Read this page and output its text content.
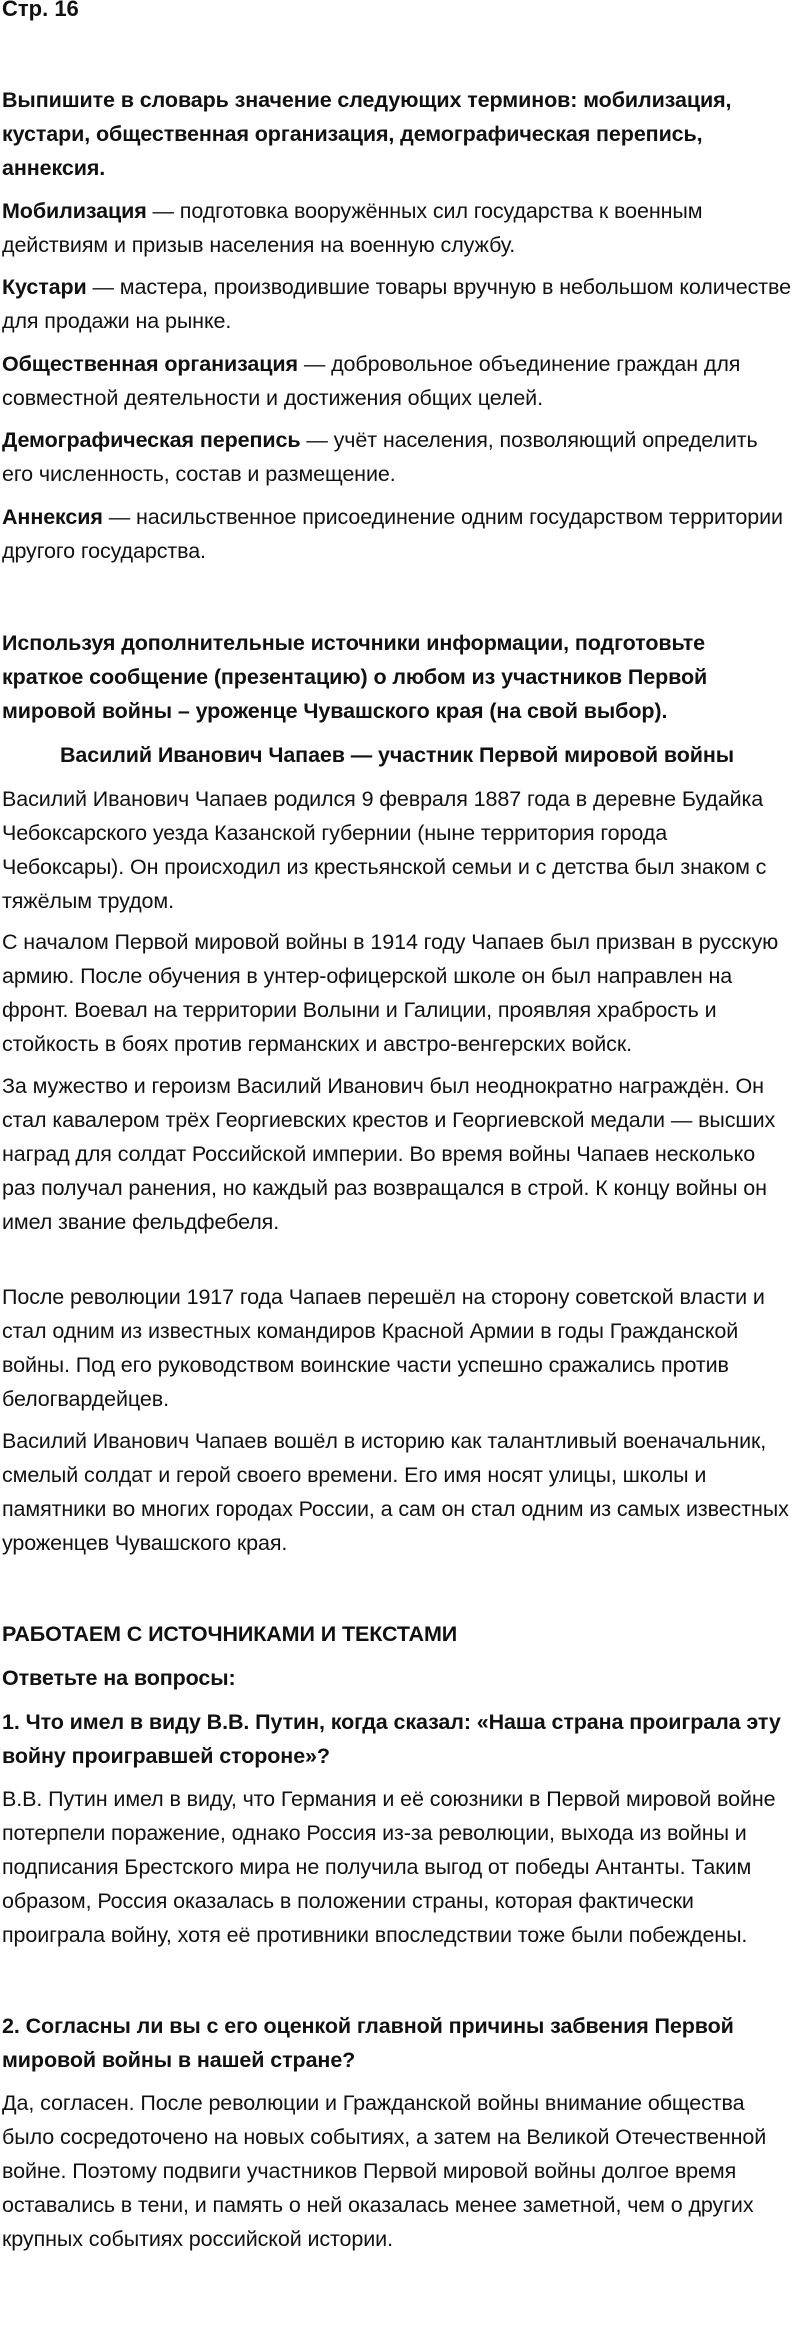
Стр. 16

Выпишите в словарь значение следующих терминов: мобилизация, кустари, общественная организация, демографическая перепись, аннексия.

Мобилизация — подготовка вооружённых сил государства к военным действиям и призыв населения на военную службу.

Кустари — мастера, производившие товары вручную в небольшом количестве для продажи на рынке.

Общественная организация — добровольное объединение граждан для совместной деятельности и достижения общих целей.

Демографическая перепись — учёт населения, позволяющий определить его численность, состав и размещение.

Аннексия — насильственное присоединение одним государством территории другого государства.

Используя дополнительные источники информации, подготовьте краткое сообщение (презентацию) о любом из участников Первой мировой войны – уроженце Чувашского края (на свой выбор).

Василий Иванович Чапаев — участник Первой мировой войны

Василий Иванович Чапаев родился 9 февраля 1887 года в деревне Будайка Чебоксарского уезда Казанской губернии (ныне территория города Чебоксары). Он происходил из крестьянской семьи и с детства был знаком с тяжёлым трудом.

С началом Первой мировой войны в 1914 году Чапаев был призван в русскую армию. После обучения в унтер-офицерской школе он был направлен на фронт. Воевал на территории Волыни и Галиции, проявляя храбрость и стойкость в боях против германских и австро-венгерских войск.

За мужество и героизм Василий Иванович был неоднократно награждён. Он стал кавалером трёх Георгиевских крестов и Георгиевской медали — высших наград для солдат Российской империи. Во время войны Чапаев несколько раз получал ранения, но каждый раз возвращался в строй. К концу войны он имел звание фельдфебеля.

После революции 1917 года Чапаев перешёл на сторону советской власти и стал одним из известных командиров Красной Армии в годы Гражданской войны. Под его руководством воинские части успешно сражались против белогвардейцев.

Василий Иванович Чапаев вошёл в историю как талантливый военачальник, смелый солдат и герой своего времени. Его имя носят улицы, школы и памятники во многих городах России, а сам он стал одним из самых известных уроженцев Чувашского края.

РАБОТАЕМ С ИСТОЧНИКАМИ И ТЕКСТАМИ

Ответьте на вопросы:

1. Что имел в виду В.В. Путин, когда сказал: «Наша страна проиграла эту войну проигравшей стороне»?

В.В. Путин имел в виду, что Германия и её союзники в Первой мировой войне потерпели поражение, однако Россия из-за революции, выхода из войны и подписания Брестского мира не получила выгод от победы Антанты. Таким образом, Россия оказалась в положении страны, которая фактически проиграла войну, хотя её противники впоследствии тоже были побеждены.

2. Согласны ли вы с его оценкой главной причины забвения Первой мировой войны в нашей стране?

Да, согласен. После революции и Гражданской войны внимание общества было сосредоточено на новых событиях, а затем на Великой Отечественной войне. Поэтому подвиги участников Первой мировой войны долгое время оставались в тени, и память о ней оказалась менее заметной, чем о других крупных событиях российской истории.
